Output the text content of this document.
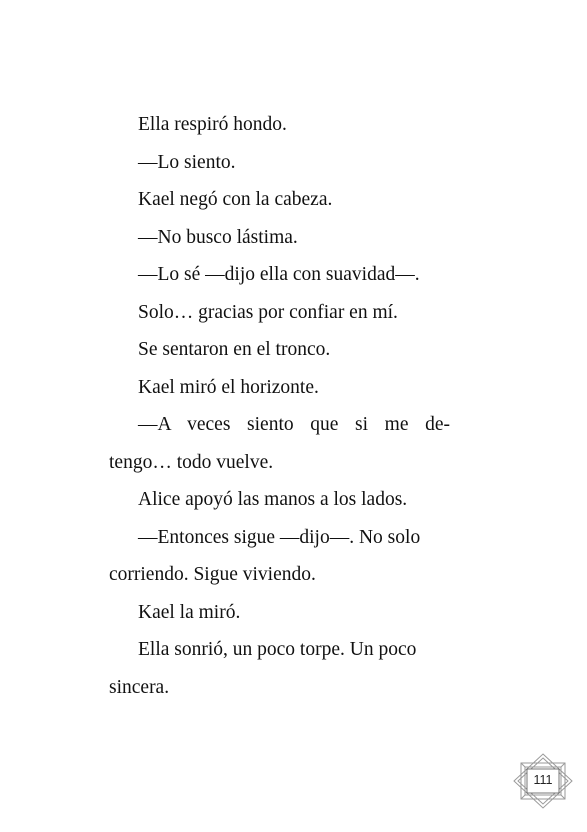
Ella respiró hondo.

—Lo siento.

Kael negó con la cabeza.

—No busco lástima.

—Lo sé —dijo ella con suavidad—.

Solo… gracias por confiar en mí.

Se sentaron en el tronco.

Kael miró el horizonte.

—A veces siento que si me de-

tengo… todo vuelve.

Alice apoyó las manos a los lados.

—Entonces sigue —dijo—. No solo

corriendo. Sigue viviendo.

Kael la miró.

Ella sonrió, un poco torpe. Un poco

sincera.

111
